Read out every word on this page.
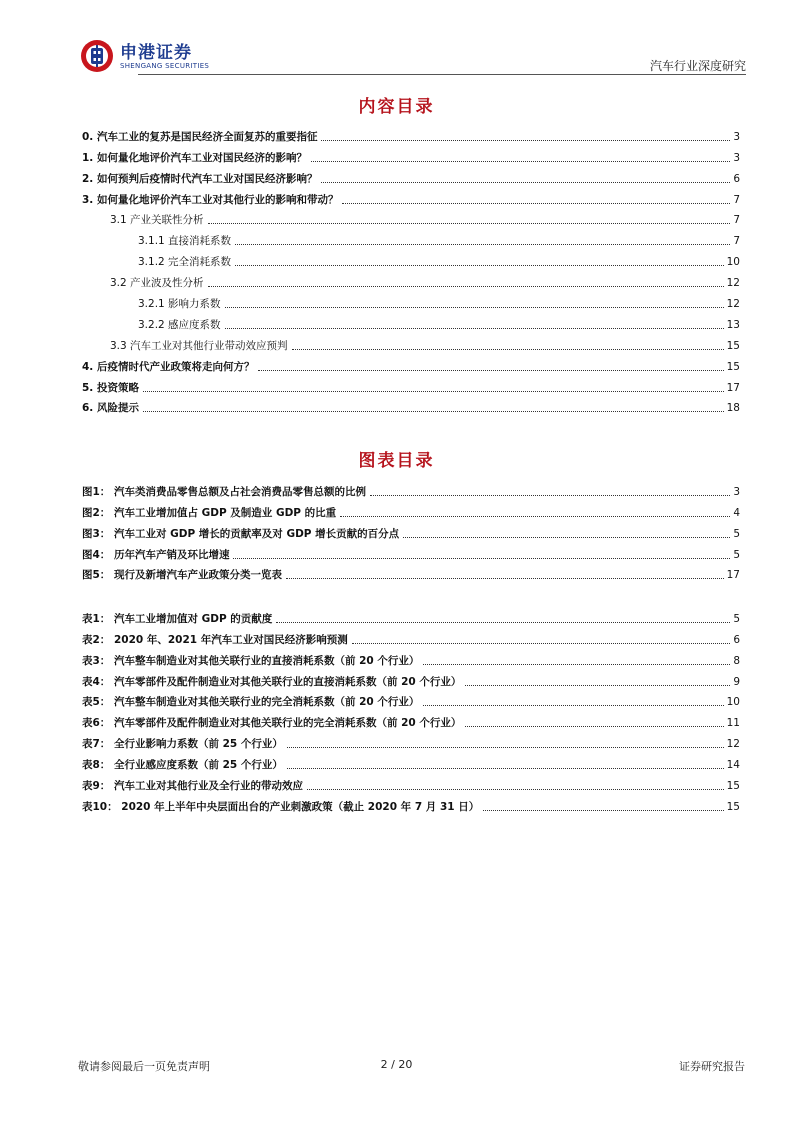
申港证券
SHENGANG SECURITIES	汽车行业深度研究
内容目录
0. 汽车工业的复苏是国民经济全面复苏的重要指征	3
1. 如何量化地评价汽车工业对国民经济的影响？	3
2. 如何预判后疫情时代汽车工业对国民经济影响？	6
3. 如何量化地评价汽车工业对其他行业的影响和带动？	7
3.1 产业关联性分析	7
3.1.1 直接消耗系数	7
3.1.2 完全消耗系数	10
3.2 产业波及性分析	12
3.2.1 影响力系数	12
3.2.2 感应度系数	13
3.3 汽车工业对其他行业带动效应预判	15
4. 后疫情时代产业政策将走向何方？	15
5. 投资策略	17
6. 风险提示	18
图表目录
图1： 汽车类消费品零售总额及占社会消费品零售总额的比例	3
图2： 汽车工业增加值占 GDP 及制造业 GDP 的比重	4
图3： 汽车工业对 GDP 增长的贡献率及对 GDP 增长贡献的百分点	5
图4： 历年汽车产销及环比增速	5
图5： 现行及新增汽车产业政策分类一览表	17
表1： 汽车工业增加值对 GDP 的贡献度	5
表2： 2020 年、2021 年汽车工业对国民经济影响预测	6
表3： 汽车整车制造业对其他关联行业的直接消耗系数（前 20 个行业）	8
表4： 汽车零部件及配件制造业对其他关联行业的直接消耗系数（前 20 个行业）	9
表5： 汽车整车制造业对其他关联行业的完全消耗系数（前 20 个行业）	10
表6： 汽车零部件及配件制造业对其他关联行业的完全消耗系数（前 20 个行业）	11
表7： 全行业影响力系数（前 25 个行业）	12
表8： 全行业感应度系数（前 25 个行业）	14
表9： 汽车工业对其他行业及全行业的带动效应	15
表10： 2020 年上半年中央层面出台的产业刺激政策（截止 2020 年 7 月 31 日）	15
敬请参阅最后一页免责声明	2 / 20	证券研究报告
